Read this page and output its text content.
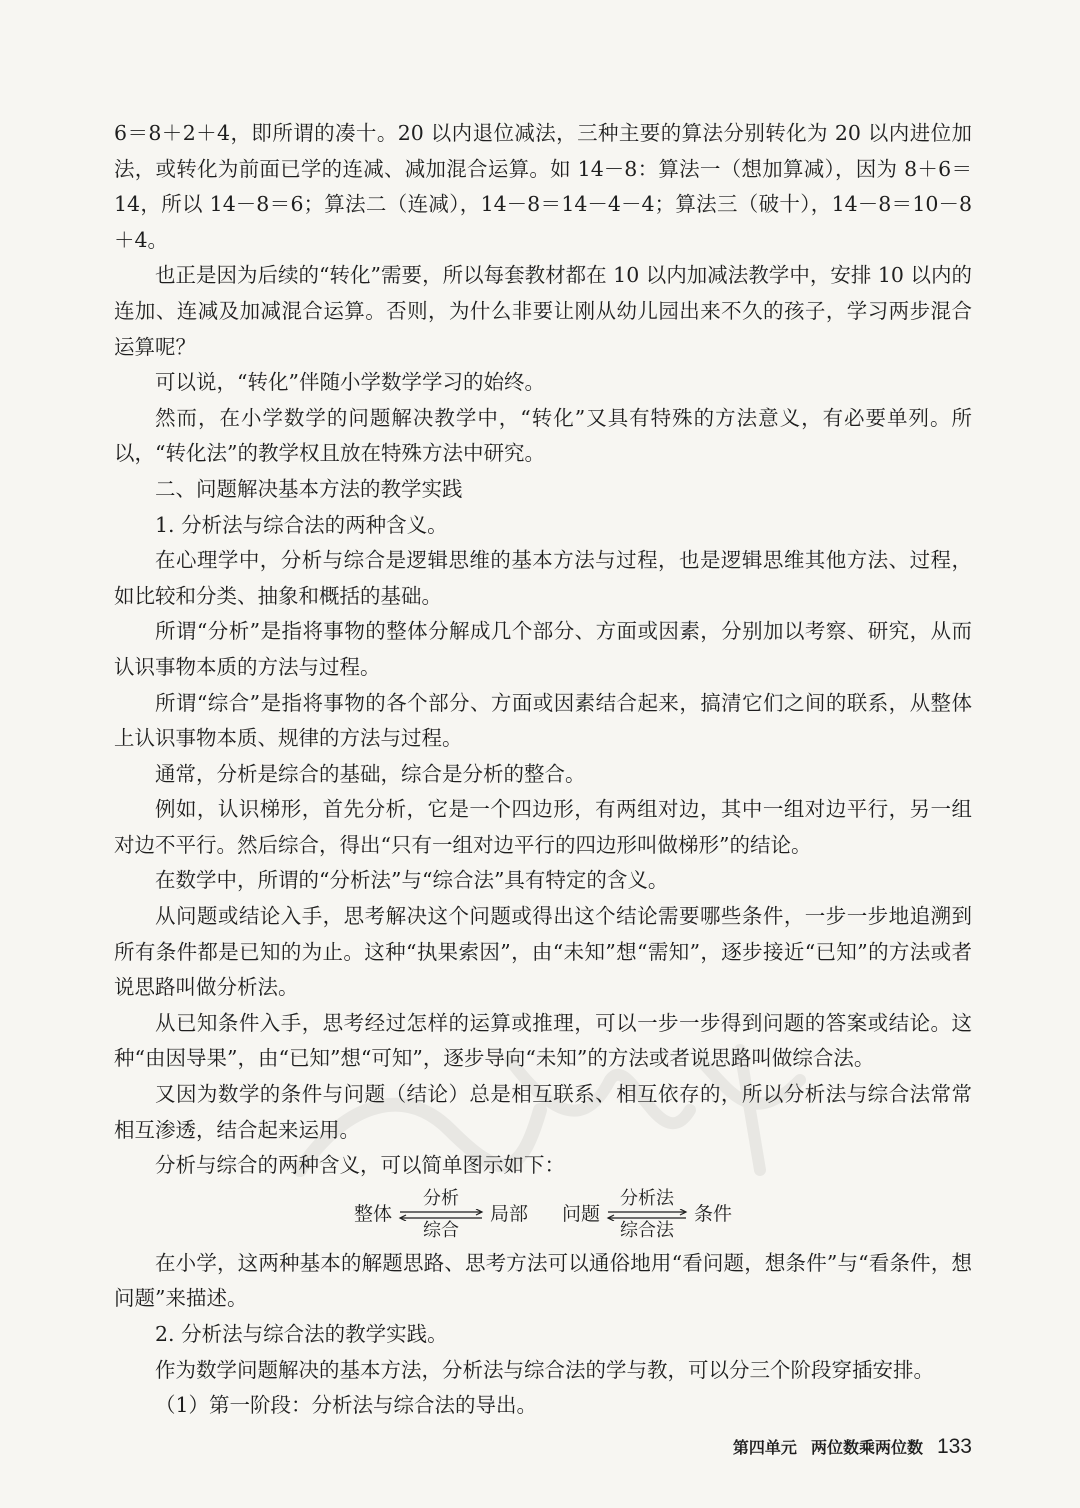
6＝8＋2＋4，即所谓的凑十。20 以内退位减法，三种主要的算法分别转化为 20 以内进位加法，或转化为前面已学的连减、减加混合运算。如 14－8：算法一（想加算减），因为 8＋6＝14，所以 14－8＝6；算法二（连减），14－8＝14－4－4；算法三（破十），14－8＝10－8＋4。

也正是因为后续的“转化”需要，所以每套教材都在 10 以内加减法教学中，安排 10 以内的连加、连减及加减混合运算。否则，为什么非要让刚从幼儿园出来不久的孩子，学习两步混合运算呢？

可以说，“转化”伴随小学数学学习的始终。

然而，在小学数学的问题解决教学中，“转化”又具有特殊的方法意义，有必要单列。所以，“转化法”的教学权且放在特殊方法中研究。

二、问题解决基本方法的教学实践

1. 分析法与综合法的两种含义。

在心理学中，分析与综合是逻辑思维的基本方法与过程，也是逻辑思维其他方法、过程，如比较和分类、抽象和概括的基础。

所谓“分析”是指将事物的整体分解成几个部分、方面或因素，分别加以考察、研究，从而认识事物本质的方法与过程。

所谓“综合”是指将事物的各个部分、方面或因素结合起来，搞清它们之间的联系，从整体上认识事物本质、规律的方法与过程。

通常，分析是综合的基础，综合是分析的整合。

例如，认识梯形，首先分析，它是一个四边形，有两组对边，其中一组对边平行，另一组对边不平行。然后综合，得出“只有一组对边平行的四边形叫做梯形”的结论。

在数学中，所谓的“分析法”与“综合法”具有特定的含义。

从问题或结论入手，思考解决这个问题或得出这个结论需要哪些条件，一步一步地追溯到所有条件都是已知的为止。这种“执果索因”，由“未知”想“需知”，逐步接近“已知”的方法或者说思路叫做分析法。

从已知条件入手，思考经过怎样的运算或推理，可以一步一步得到问题的答案或结论。这种“由因导果”，由“已知”想“可知”，逐步导向“未知”的方法或者说思路叫做综合法。

又因为数学的条件与问题（结论）总是相互联系、相互依存的，所以分析法与综合法常常相互渗透，结合起来运用。

分析与综合的两种含义，可以简单图示如下：

整体
分析
综合
局部 问题
分析法
综合法
条件

在小学，这两种基本的解题思路、思考方法可以通俗地用“看问题，想条件”与“看条件，想问题”来描述。

2. 分析法与综合法的教学实践。

作为数学问题解决的基本方法，分析法与综合法的学与教，可以分三个阶段穿插安排。

（1）第一阶段：分析法与综合法的导出。

第四单元 两位数乘两位数 133
